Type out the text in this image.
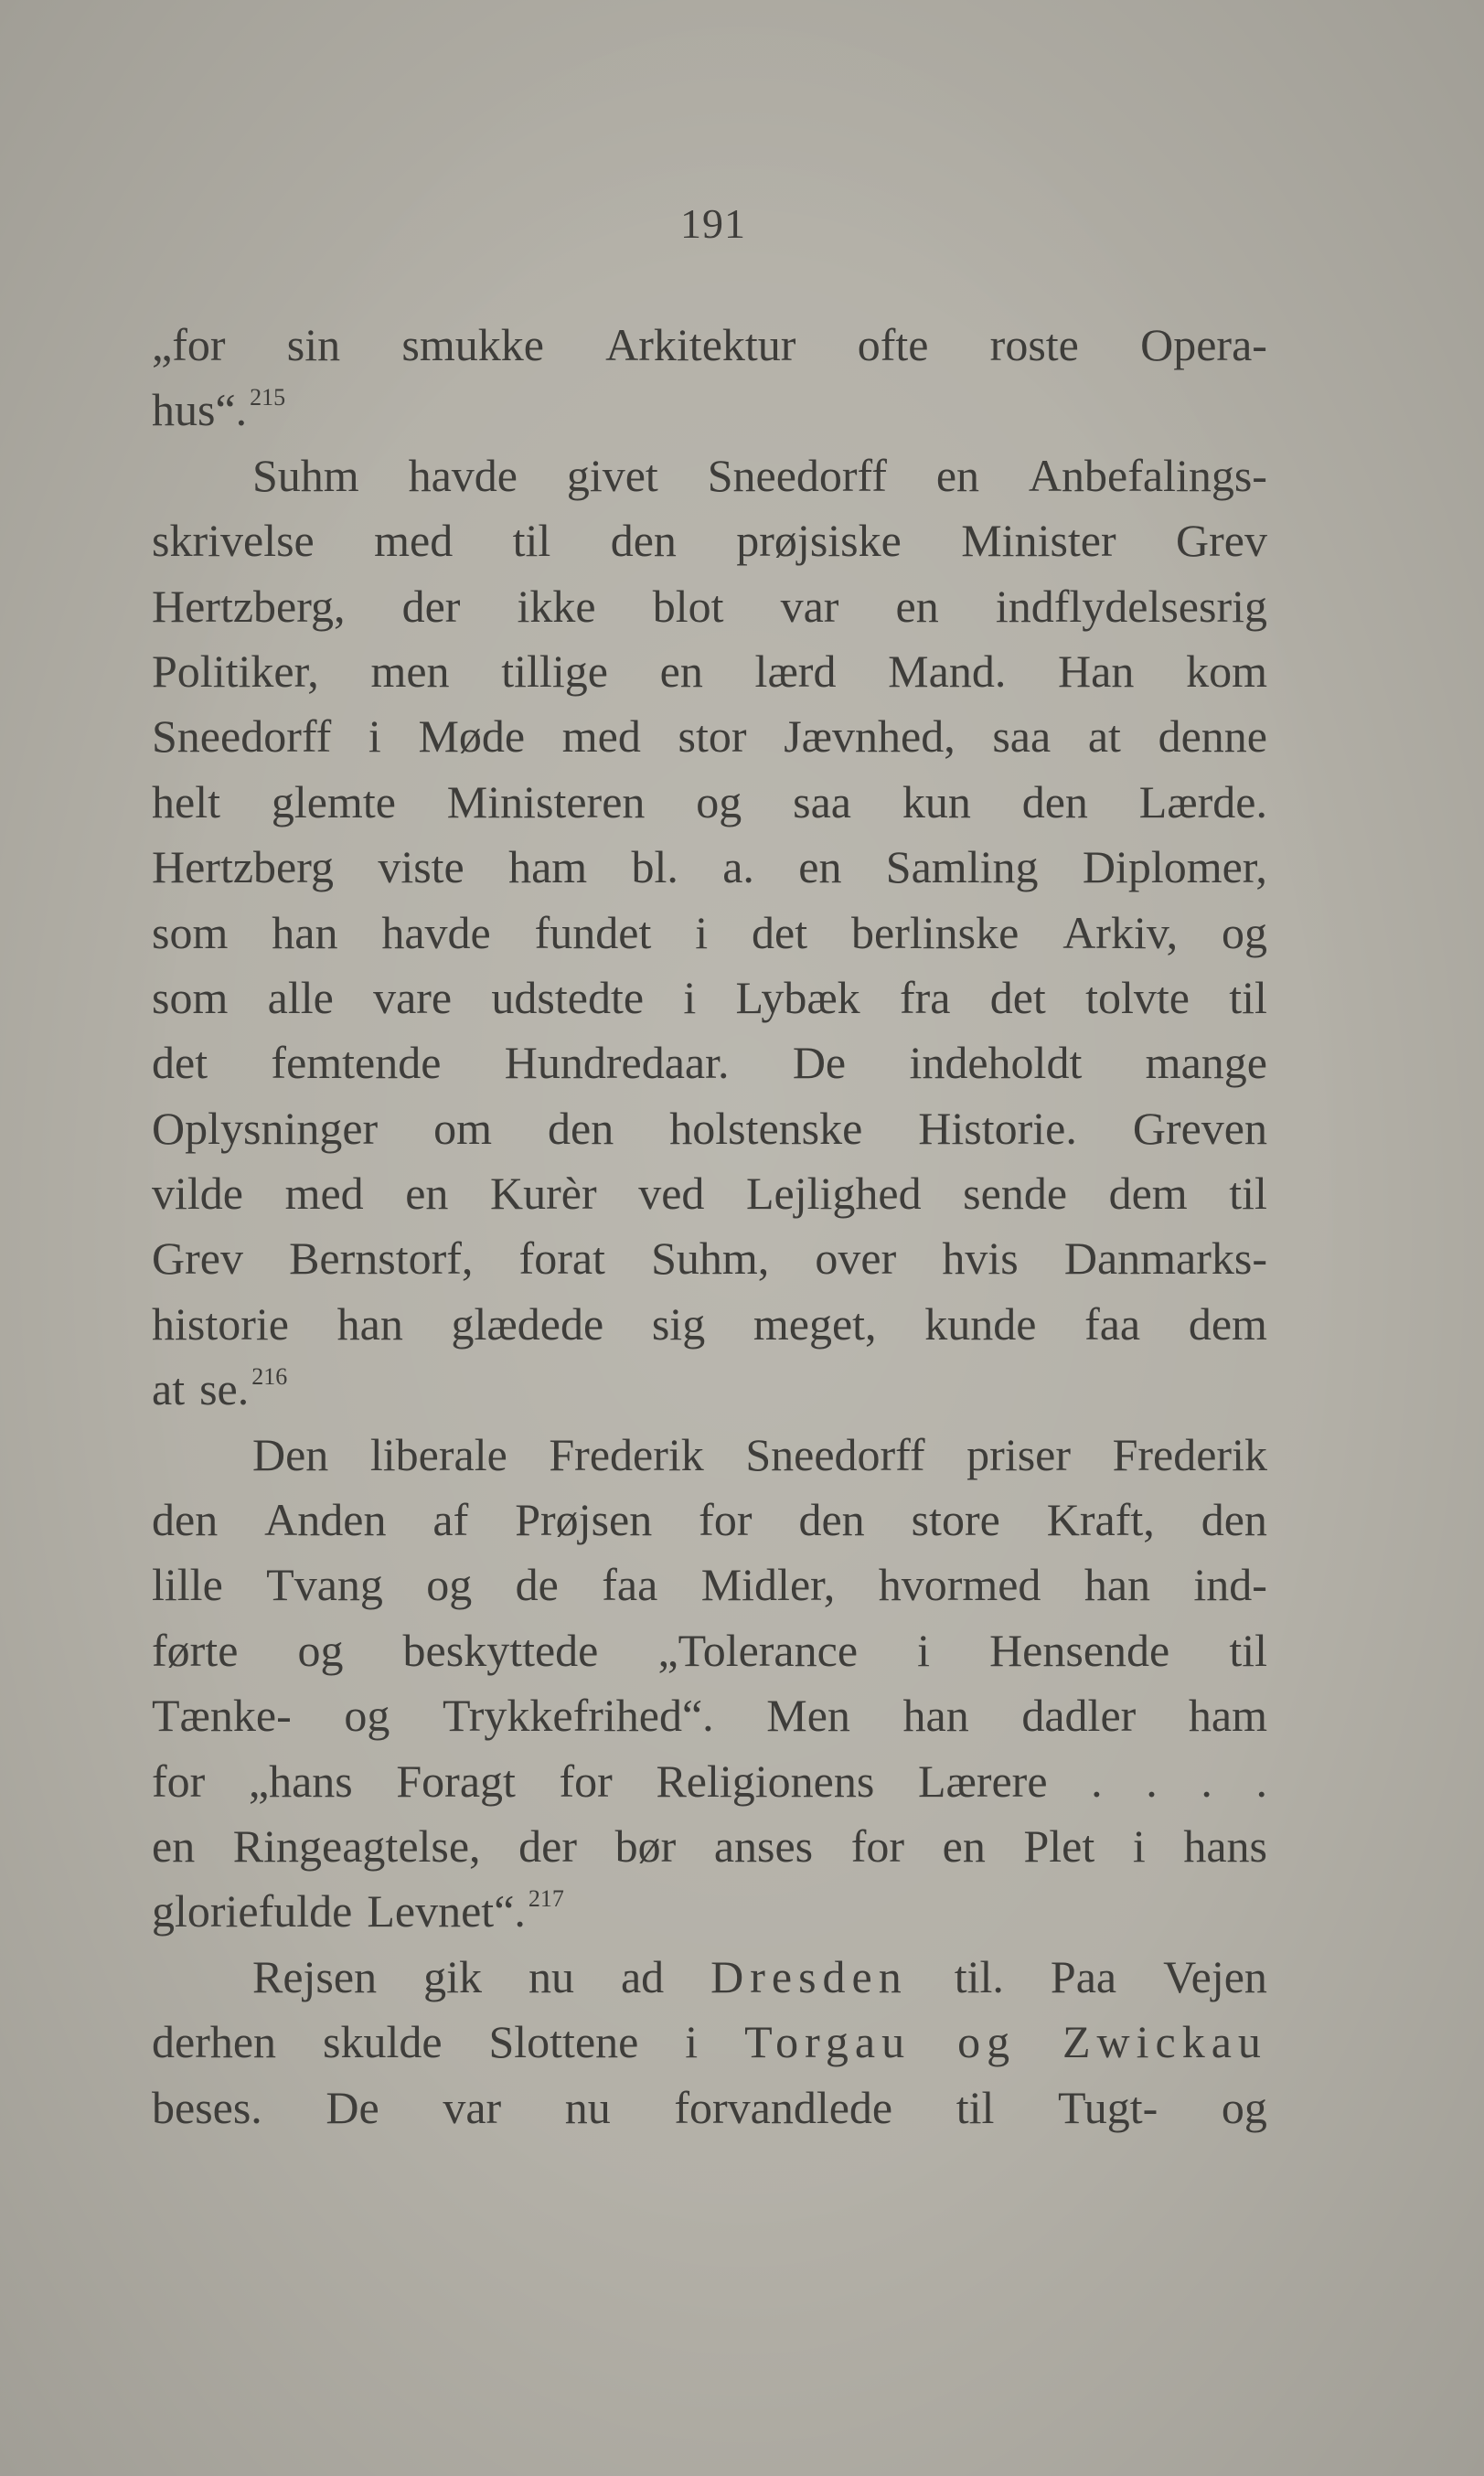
191
„for sin smukke Arkitektur ofte roste Opera-
hus“. $^{215}$
Suhm havde givet Sneedorff en Anbefalings-
skrivelse med til den prøjsiske Minister Grev
Hertzberg, der ikke blot var en indflydelsesrig
Politiker, men tillige en lærd Mand. Han kom
Sneedorff i Møde med stor Jævnhed, saa at denne
helt glemte Ministeren og saa kun den Lærde.
Hertzberg viste ham bl. a. en Samling Diplomer,
som han havde fundet i det berlinske Arkiv, og
som alle vare udstedte i Lybæk fra det tolvte til
det femtende Hundredaar. De indeholdt mange
Oplysninger om den holstenske Historie. Greven
vilde med en Kurèr ved Lejlighed sende dem til
Grev Bernstorf, forat Suhm, over hvis Danmarks-
historie han glædede sig meget, kunde faa dem
at se. $^{216}$
Den liberale Frederik Sneedorff priser Frederik
den Anden af Prøjsen for den store Kraft, den
lille Tvang og de faa Midler, hvormed han ind-
førte og beskyttede „Tolerance i Hensende til
Tænke- og Trykkefrihed“. Men han dadler ham
for „hans Foragt for Religionens Lærere . . . .
en Ringeagtelse, der bør anses for en Plet i hans
gloriefulde Levnet“. $^{217}$
Rejsen gik nu ad Dresden til. Paa Vejen
derhen skulde Slottene i Torgau og Zwickau
beses. De var nu forvandlede til Tugt- og
